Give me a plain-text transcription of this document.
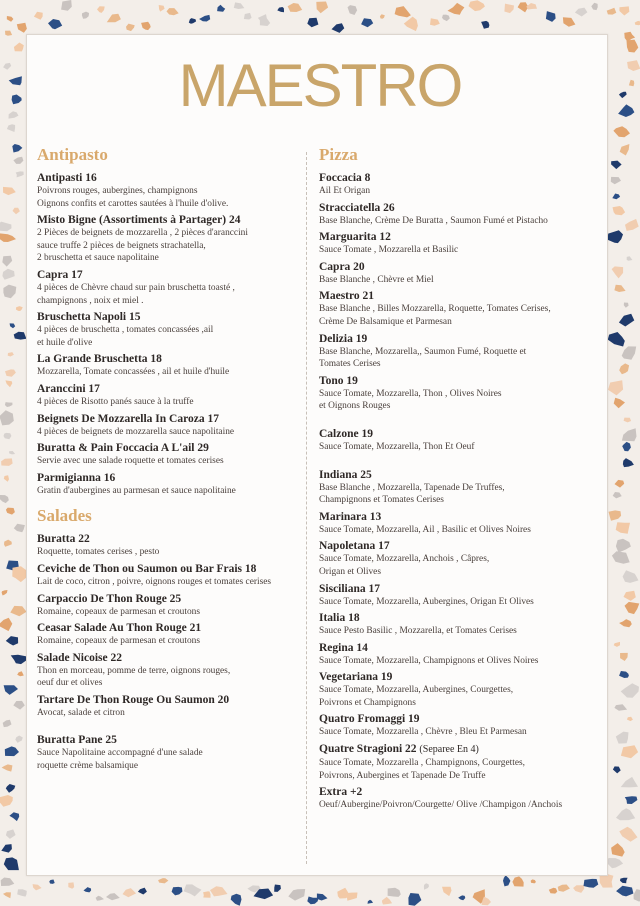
MAESTRO
Antipasto
Antipasti 16
Poivrons rouges, aubergines, champignons
Oignons confits et carottes sautées à l'huile d'olive.
Misto Bigne (Assortiments à Partager) 24
2 Pièces de beignets de mozzarella , 2 pièces d'aranccini
sauce truffe 2 pièces de beignets strachatella,
2 bruschetta et sauce napolitaine
Capra 17
4 pièces de Chèvre chaud sur pain bruschetta toasté ,
champignons , noix et miel .
Bruschetta Napoli 15
4 pièces de bruschetta , tomates concassées ,ail
et huile d'olive
La Grande Bruschetta 18
Mozzarella, Tomate concassées , ail et huile d'huile
Aranccini 17
4 pièces de Risotto panés sauce à la truffe
Beignets De Mozzarella In Caroza 17
4 pièces de beignets de mozzarella sauce napolitaine
Buratta & Pain Foccacia A L'ail 29
Servie avec une salade roquette et tomates cerises
Parmigianna 16
Gratin d'aubergines au parmesan et sauce napolitaine
Salades
Buratta 22
Roquette, tomates cerises , pesto
Ceviche de Thon ou Saumon ou Bar Frais 18
Lait de coco, citron , poivre, oignons rouges et tomates cerises
Carpaccio De Thon Rouge 25
Romaine, copeaux de parmesan et croutons
Ceasar Salade Au Thon Rouge 21
Romaine, copeaux de parmesan et croutons
Salade Nicoise 22
Thon en morceau, pomme de terre, oignons rouges,
oeuf dur et olives
Tartare De Thon Rouge Ou Saumon 20
Avocat, salade et citron
Buratta Pane 25
Sauce Napolitaine accompagné d'une salade
roquette crème balsamique
Pizza
Foccacia 8
Ail Et Origan
Stracciatella 26
Base Blanche, Crème De Buratta , Saumon Fumé et Pistacho
Marguarita 12
Sauce Tomate , Mozzarella et Basilic
Capra 20
Base Blanche , Chèvre et Miel
Maestro 21
Base Blanche , Billes Mozzarella, Roquette, Tomates Cerises,
Crème De Balsamique et Parmesan
Delizia 19
Base Blanche, Mozzarella,, Saumon Fumé, Roquette et
Tomates Cerises
Tono 19
Sauce Tomate, Mozzarella, Thon , Olives Noires
et Oignons Rouges
Calzone 19
Sauce Tomate, Mozzarella, Thon Et Oeuf
Indiana 25
Base Blanche , Mozzarella, Tapenade De Truffes,
Champignons et Tomates Cerises
Marinara 13
Sauce Tomate, Mozzarella, Ail , Basilic et Olives Noires
Napoletana 17
Sauce Tomate, Mozzarella, Anchois , Câpres,
Origan et Olives
Sisciliana 17
Sauce Tomate, Mozzarella, Aubergines, Origan Et Olives
Italia 18
Sauce Pesto Basilic , Mozzarella, et Tomates Cerises
Regina 14
Sauce Tomate, Mozzarella, Champignons et Olives Noires
Vegetariana 19
Sauce Tomate, Mozzarella, Aubergines, Courgettes,
Poivrons et Champignons
Quatro Fromaggi 19
Sauce Tomate, Mozzarella , Chèvre , Bleu Et Parmesan
Quatre Stragioni 22 (Separee En 4)
Sauce Tomate, Mozzarella , Champignons, Courgettes,
Poivrons, Aubergines et Tapenade De Truffe
Extra +2
Oeuf/Aubergine/Poivron/Courgette/ Olive /Champigon /Anchois
